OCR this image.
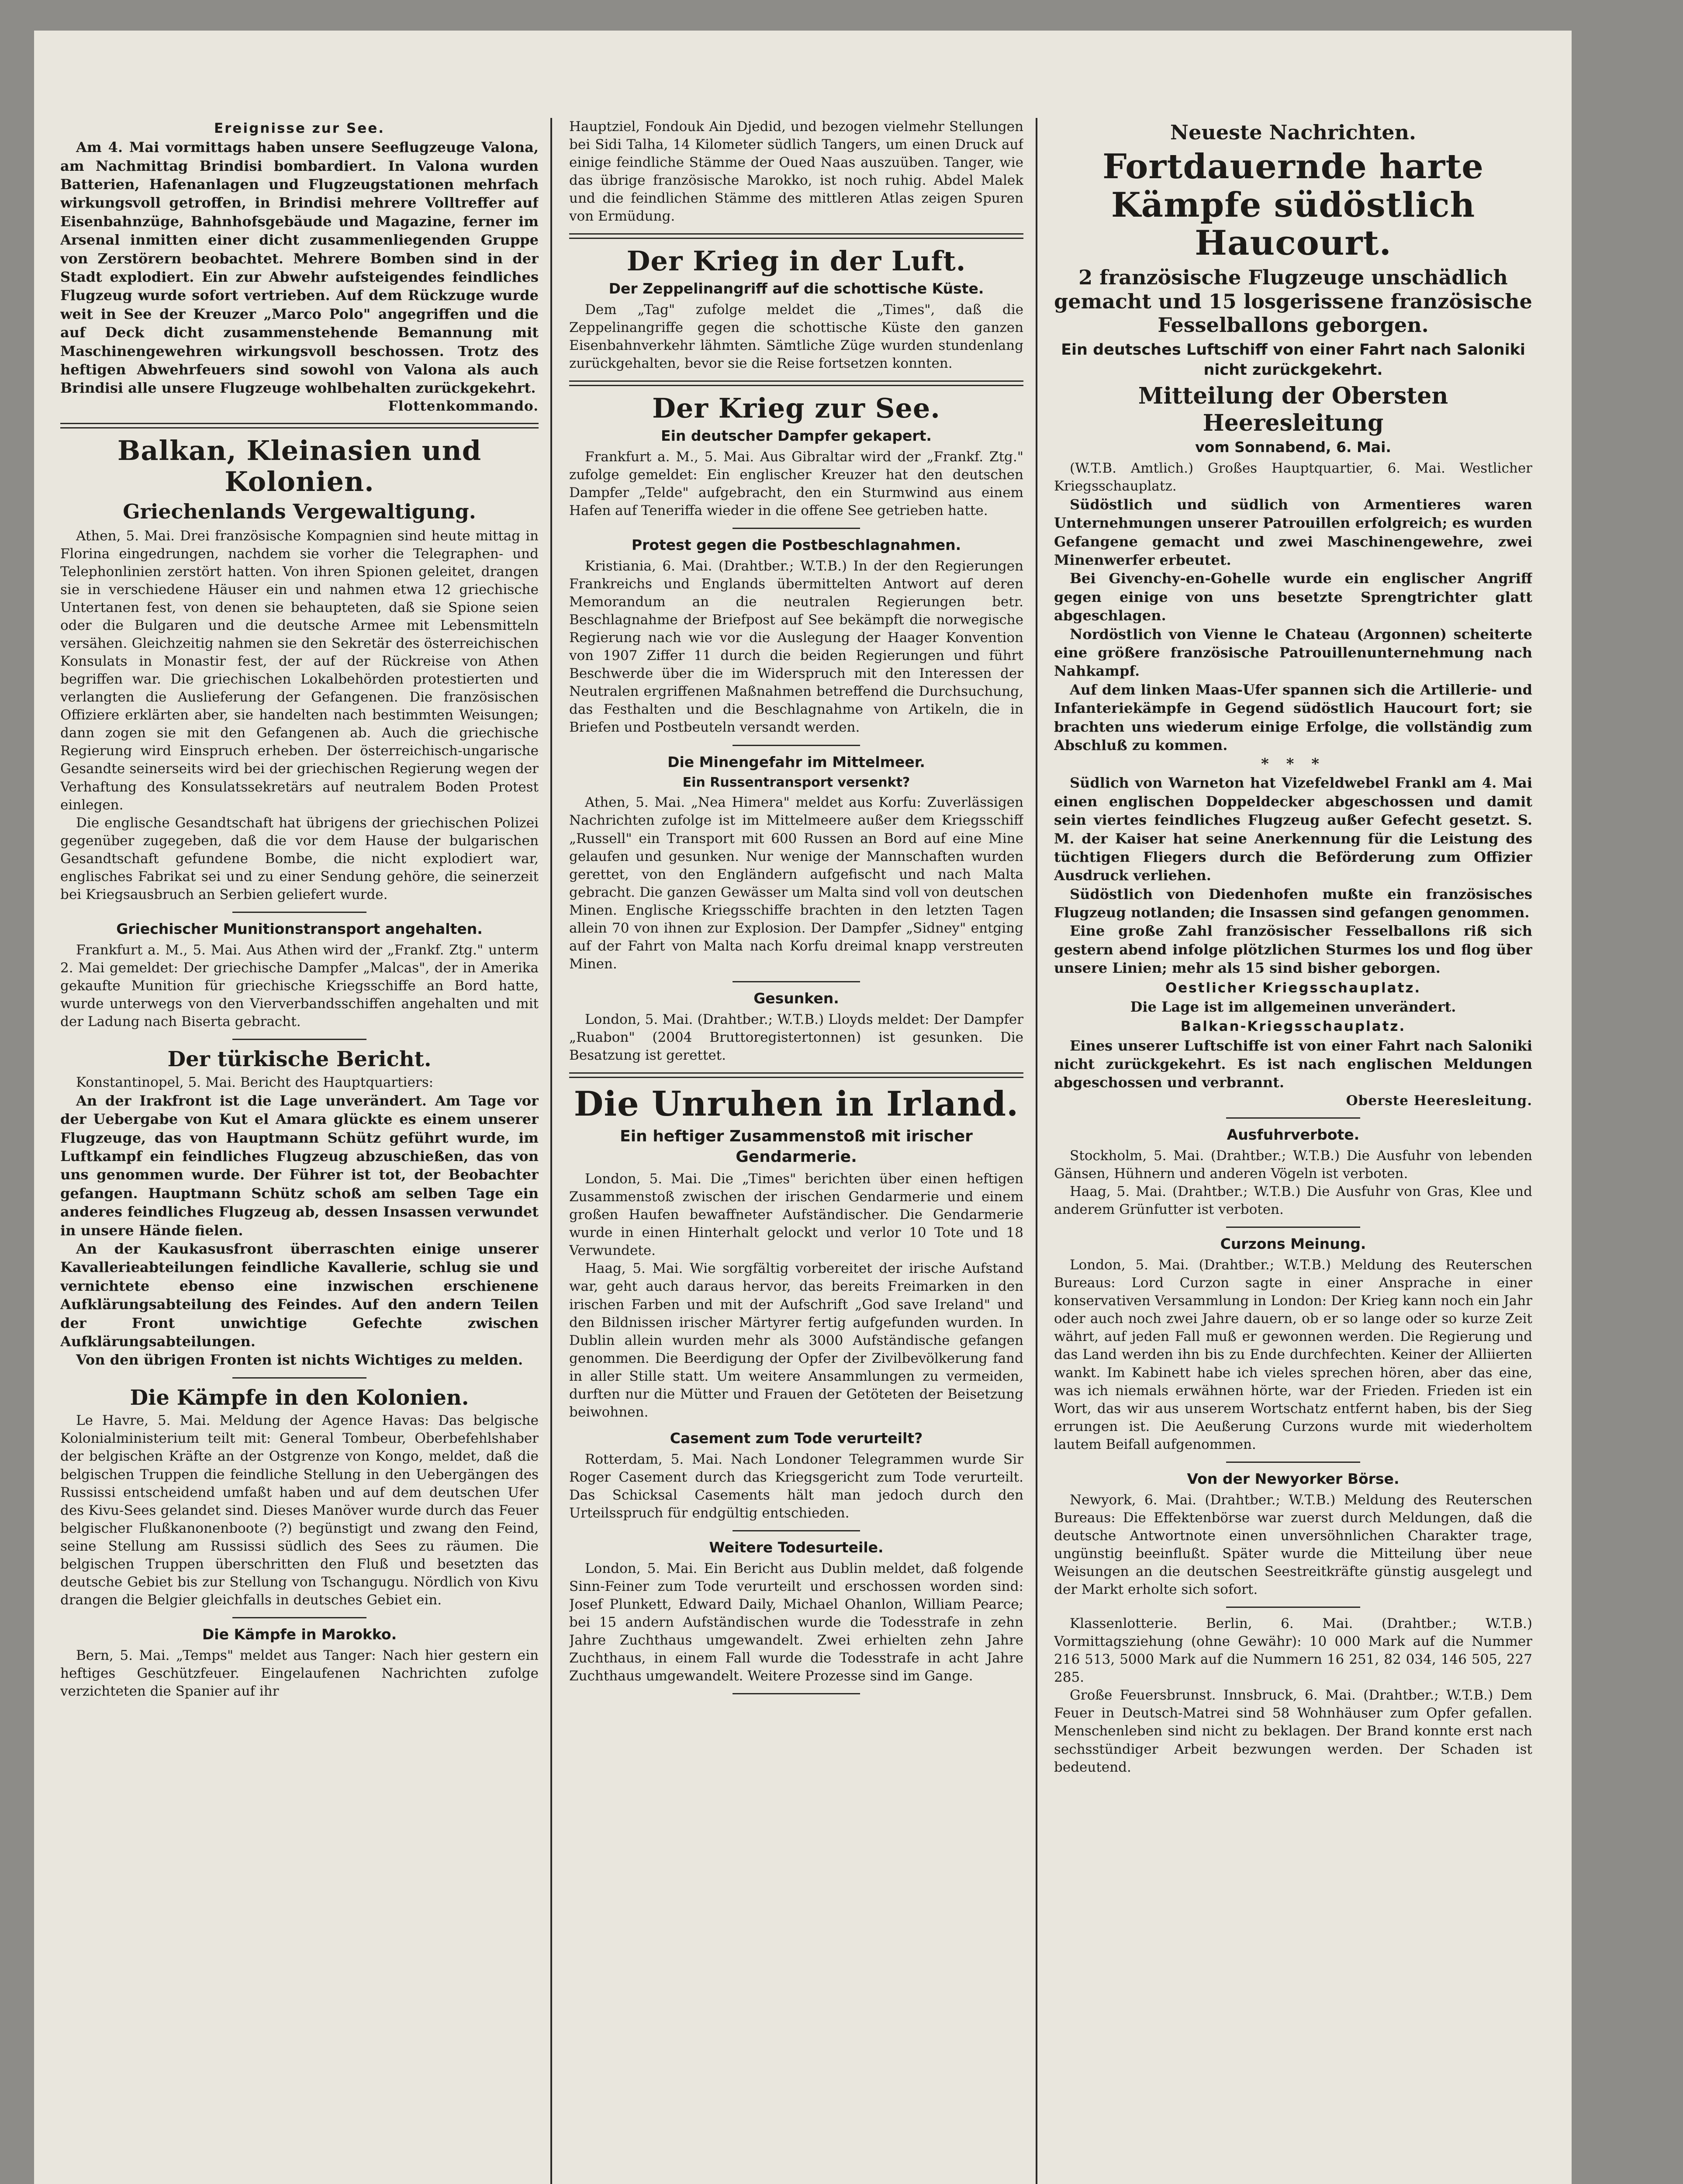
Ereignisse zur See.

Am 4. Mai vormittags haben unsere Seeflugzeuge Valona, am Nachmittag Brindisi bombardiert. In Valona wurden Batterien, Hafenanlagen und Flugzeugstationen mehrfach wirkungsvoll getroffen, in Brindisi mehrere Volltreffer auf Eisenbahnzüge, Bahnhofsgebäude und Magazine, ferner im Arsenal inmitten einer dicht zusammenliegenden Gruppe von Zerstörern beobachtet. Mehrere Bomben sind in der Stadt explodiert. Ein zur Abwehr aufsteigendes feindliches Flugzeug wurde sofort vertrieben. Auf dem Rückzuge wurde weit in See der Kreuzer „Marco Polo" angegriffen und die auf Deck dicht zusammenstehende Bemannung mit Maschinengewehren wirkungsvoll beschossen. Trotz des heftigen Abwehrfeuers sind sowohl von Valona als auch Brindisi alle unsere Flugzeuge wohlbehalten zurückgekehrt.

Flottenkommando.

Balkan, Kleinasien und Kolonien.
Griechenlands Vergewaltigung.

Athen, 5. Mai. Drei französische Kompagnien sind heute mittag in Florina eingedrungen, nachdem sie vorher die Telegraphen- und Telephonlinien zerstört hatten. Von ihren Spionen geleitet, drangen sie in verschiedene Häuser ein und nahmen etwa 12 griechische Untertanen fest, von denen sie behaupteten, daß sie Spione seien oder die Bulgaren und die deutsche Armee mit Lebensmitteln versähen. Gleichzeitig nahmen sie den Sekretär des österreichischen Konsulats in Monastir fest, der auf der Rückreise von Athen begriffen war. Die griechischen Lokalbehörden protestierten und verlangten die Auslieferung der Gefangenen. Die französischen Offiziere erklärten aber, sie handelten nach bestimmten Weisungen; dann zogen sie mit den Gefangenen ab. Auch die griechische Regierung wird Einspruch erheben. Der österreichisch-ungarische Gesandte seinerseits wird bei der griechischen Regierung wegen der Verhaftung des Konsulatssekretärs auf neutralem Boden Protest einlegen.

Die englische Gesandtschaft hat übrigens der griechischen Polizei gegenüber zugegeben, daß die vor dem Hause der bulgarischen Gesandtschaft gefundene Bombe, die nicht explodiert war, englisches Fabrikat sei und zu einer Sendung gehöre, die seinerzeit bei Kriegsausbruch an Serbien geliefert wurde.

Griechischer Munitionstransport angehalten.

Frankfurt a. M., 5. Mai. Aus Athen wird der „Frankf. Ztg." unterm 2. Mai gemeldet: Der griechische Dampfer „Malcas", der in Amerika gekaufte Munition für griechische Kriegsschiffe an Bord hatte, wurde unterwegs von den Vierverbandsschiffen angehalten und mit der Ladung nach Biserta gebracht.

Der türkische Bericht.

Konstantinopel, 5. Mai. Bericht des Hauptquartiers:

An der Irakfront ist die Lage unverändert. Am Tage vor der Uebergabe von Kut el Amara glückte es einem unserer Flugzeuge, das von Hauptmann Schütz geführt wurde, im Luftkampf ein feindliches Flugzeug abzuschießen, das von uns genommen wurde. Der Führer ist tot, der Beobachter gefangen. Hauptmann Schütz schoß am selben Tage ein anderes feindliches Flugzeug ab, dessen Insassen verwundet in unsere Hände fielen.

An der Kaukasusfront überraschten einige unserer Kavallerieabteilungen feindliche Kavallerie, schlug sie und vernichtete ebenso eine inzwischen erschienene Aufklärungsabteilung des Feindes. Auf den andern Teilen der Front unwichtige Gefechte zwischen Aufklärungsabteilungen.

Von den übrigen Fronten ist nichts Wichtiges zu melden.

Die Kämpfe in den Kolonien.

Le Havre, 5. Mai. Meldung der Agence Havas: Das belgische Kolonialministerium teilt mit: General Tombeur, Oberbefehlshaber der belgischen Kräfte an der Ostgrenze von Kongo, meldet, daß die belgischen Truppen die feindliche Stellung in den Uebergängen des Russissi entscheidend umfaßt haben und auf dem deutschen Ufer des Kivu-Sees gelandet sind. Dieses Manöver wurde durch das Feuer belgischer Flußkanonenboote (?) begünstigt und zwang den Feind, seine Stellung am Russissi südlich des Sees zu räumen. Die belgischen Truppen überschritten den Fluß und besetzten das deutsche Gebiet bis zur Stellung von Tschangugu. Nördlich von Kivu drangen die Belgier gleichfalls in deutsches Gebiet ein.

Die Kämpfe in Marokko.

Bern, 5. Mai. „Temps" meldet aus Tanger: Nach hier gestern ein heftiges Geschützfeuer. Eingelaufenen Nachrichten zufolge verzichteten die Spanier auf ihr

Hauptziel, Fondouk Ain Djedid, und bezogen vielmehr Stellungen bei Sidi Talha, 14 Kilometer südlich Tangers, um einen Druck auf einige feindliche Stämme der Oued Naas auszuüben. Tanger, wie das übrige französische Marokko, ist noch ruhig. Abdel Malek und die feindlichen Stämme des mittleren Atlas zeigen Spuren von Ermüdung.

Der Krieg in der Luft.
Der Zeppelinangriff auf die schottische Küste.

Dem „Tag" zufolge meldet die „Times", daß die Zeppelinangriffe gegen die schottische Küste den ganzen Eisenbahnverkehr lähmten. Sämtliche Züge wurden stundenlang zurückgehalten, bevor sie die Reise fortsetzen konnten.

Der Krieg zur See.
Ein deutscher Dampfer gekapert.

Frankfurt a. M., 5. Mai. Aus Gibraltar wird der „Frankf. Ztg." zufolge gemeldet: Ein englischer Kreuzer hat den deutschen Dampfer „Telde" aufgebracht, den ein Sturmwind aus einem Hafen auf Teneriffa wieder in die offene See getrieben hatte.

Protest gegen die Postbeschlagnahmen.

Kristiania, 6. Mai. (Drahtber.; W.T.B.) In der den Regierungen Frankreichs und Englands übermittelten Antwort auf deren Memorandum an die neutralen Regierungen betr. Beschlagnahme der Briefpost auf See bekämpft die norwegische Regierung nach wie vor die Auslegung der Haager Konvention von 1907 Ziffer 11 durch die beiden Regierungen und führt Beschwerde über die im Widerspruch mit den Interessen der Neutralen ergriffenen Maßnahmen betreffend die Durchsuchung, das Festhalten und die Beschlagnahme von Artikeln, die in Briefen und Postbeuteln versandt werden.

Die Minengefahr im Mittelmeer.
Ein Russentransport versenkt?

Athen, 5. Mai. „Nea Himera" meldet aus Korfu: Zuverlässigen Nachrichten zufolge ist im Mittelmeere außer dem Kriegsschiff „Russell" ein Transport mit 600 Russen an Bord auf eine Mine gelaufen und gesunken. Nur wenige der Mannschaften wurden gerettet, von den Engländern aufgefischt und nach Malta gebracht. Die ganzen Gewässer um Malta sind voll von deutschen Minen. Englische Kriegsschiffe brachten in den letzten Tagen allein 70 von ihnen zur Explosion. Der Dampfer „Sidney" entging auf der Fahrt von Malta nach Korfu dreimal knapp verstreuten Minen.

Gesunken.

London, 5. Mai. (Drahtber.; W.T.B.) Lloyds meldet: Der Dampfer „Ruabon" (2004 Bruttoregistertonnen) ist gesunken. Die Besatzung ist gerettet.

Die Unruhen in Irland.
Ein heftiger Zusammenstoß mit irischer Gendarmerie.

London, 5. Mai. Die „Times" berichten über einen heftigen Zusammenstoß zwischen der irischen Gendarmerie und einem großen Haufen bewaffneter Aufständischer. Die Gendarmerie wurde in einen Hinterhalt gelockt und verlor 10 Tote und 18 Verwundete.

Haag, 5. Mai. Wie sorgfältig vorbereitet der irische Aufstand war, geht auch daraus hervor, das bereits Freimarken in den irischen Farben und mit der Aufschrift „God save Ireland" und den Bildnissen irischer Märtyrer fertig aufgefunden wurden. In Dublin allein wurden mehr als 3000 Aufständische gefangen genommen. Die Beerdigung der Opfer der Zivilbevölkerung fand in aller Stille statt. Um weitere Ansammlungen zu vermeiden, durften nur die Mütter und Frauen der Getöteten der Beisetzung beiwohnen.

Casement zum Tode verurteilt?

Rotterdam, 5. Mai. Nach Londoner Telegrammen wurde Sir Roger Casement durch das Kriegsgericht zum Tode verurteilt. Das Schicksal Casements hält man jedoch durch den Urteilsspruch für endgültig entschieden.

Weitere Todesurteile.

London, 5. Mai. Ein Bericht aus Dublin meldet, daß folgende Sinn-Feiner zum Tode verurteilt und erschossen worden sind: Josef Plunkett, Edward Daily, Michael Ohanlon, William Pearce; bei 15 andern Aufständischen wurde die Todesstrafe in zehn Jahre Zuchthaus umgewandelt. Zwei erhielten zehn Jahre Zuchthaus, in einem Fall wurde die Todesstrafe in acht Jahre Zuchthaus umgewandelt. Weitere Prozesse sind im Gange.

Neueste Nachrichten.
Fortdauernde harte Kämpfe südöstlich Haucourt.
2 französische Flugzeuge unschädlich gemacht und 15 losgerissene französische Fesselballons geborgen.
Ein deutsches Luftschiff von einer Fahrt nach Saloniki nicht zurückgekehrt.
Mitteilung der Obersten Heeresleitung
vom Sonnabend, 6. Mai.

(W.T.B. Amtlich.) Großes Hauptquartier, 6. Mai. Westlicher Kriegsschauplatz.

Südöstlich und südlich von Armentieres waren Unternehmungen unserer Patrouillen erfolgreich; es wurden Gefangene gemacht und zwei Maschinengewehre, zwei Minenwerfer erbeutet.

Bei Givenchy-en-Gohelle wurde ein englischer Angriff gegen einige von uns besetzte Sprengtrichter glatt abgeschlagen.

Nordöstlich von Vienne le Chateau (Argonnen) scheiterte eine größere französische Patrouillenunternehmung nach Nahkampf.

Auf dem linken Maas-Ufer spannen sich die Artillerie- und Infanteriekämpfe in Gegend südöstlich Haucourt fort; sie brachten uns wiederum einige Erfolge, die vollständig zum Abschluß zu kommen.

* * *

Südlich von Warneton hat Vizefeldwebel Frankl am 4. Mai einen englischen Doppeldecker abgeschossen und damit sein viertes feindliches Flugzeug außer Gefecht gesetzt. S. M. der Kaiser hat seine Anerkennung für die Leistung des tüchtigen Fliegers durch die Beförderung zum Offizier Ausdruck verliehen.

Südöstlich von Diedenhofen mußte ein französisches Flugzeug notlanden; die Insassen sind gefangen genommen.

Eine große Zahl französischer Fesselballons riß sich gestern abend infolge plötzlichen Sturmes los und flog über unsere Linien; mehr als 15 sind bisher geborgen.

Oestlicher Kriegsschauplatz.

Die Lage ist im allgemeinen unverändert.

Balkan-Kriegsschauplatz.

Eines unserer Luftschiffe ist von einer Fahrt nach Saloniki nicht zurückgekehrt. Es ist nach englischen Meldungen abgeschossen und verbrannt.

Oberste Heeresleitung.

Ausfuhrverbote.

Stockholm, 5. Mai. (Drahtber.; W.T.B.) Die Ausfuhr von lebenden Gänsen, Hühnern und anderen Vögeln ist verboten.

Haag, 5. Mai. (Drahtber.; W.T.B.) Die Ausfuhr von Gras, Klee und anderem Grünfutter ist verboten.

Curzons Meinung.

London, 5. Mai. (Drahtber.; W.T.B.) Meldung des Reuterschen Bureaus: Lord Curzon sagte in einer Ansprache in einer konservativen Versammlung in London: Der Krieg kann noch ein Jahr oder auch noch zwei Jahre dauern, ob er so lange oder so kurze Zeit währt, auf jeden Fall muß er gewonnen werden. Die Regierung und das Land werden ihn bis zu Ende durchfechten. Keiner der Alliierten wankt. Im Kabinett habe ich vieles sprechen hören, aber das eine, was ich niemals erwähnen hörte, war der Frieden. Frieden ist ein Wort, das wir aus unserem Wortschatz entfernt haben, bis der Sieg errungen ist. Die Aeußerung Curzons wurde mit wiederholtem lautem Beifall aufgenommen.

Von der Newyorker Börse.

Newyork, 6. Mai. (Drahtber.; W.T.B.) Meldung des Reuterschen Bureaus: Die Effektenbörse war zuerst durch Meldungen, daß die deutsche Antwortnote einen unversöhnlichen Charakter trage, ungünstig beeinflußt. Später wurde die Mitteilung über neue Weisungen an die deutschen Seestreitkräfte günstig ausgelegt und der Markt erholte sich sofort.

Klassenlotterie. Berlin, 6. Mai. (Drahtber.; W.T.B.) Vormittagsziehung (ohne Gewähr): 10 000 Mark auf die Nummer 216 513, 5000 Mark auf die Nummern 16 251, 82 034, 146 505, 227 285.

Große Feuersbrunst. Innsbruck, 6. Mai. (Drahtber.; W.T.B.) Dem Feuer in Deutsch-Matrei sind 58 Wohnhäuser zum Opfer gefallen. Menschenleben sind nicht zu beklagen. Der Brand konnte erst nach sechsstündiger Arbeit bezwungen werden. Der Schaden ist bedeutend.
